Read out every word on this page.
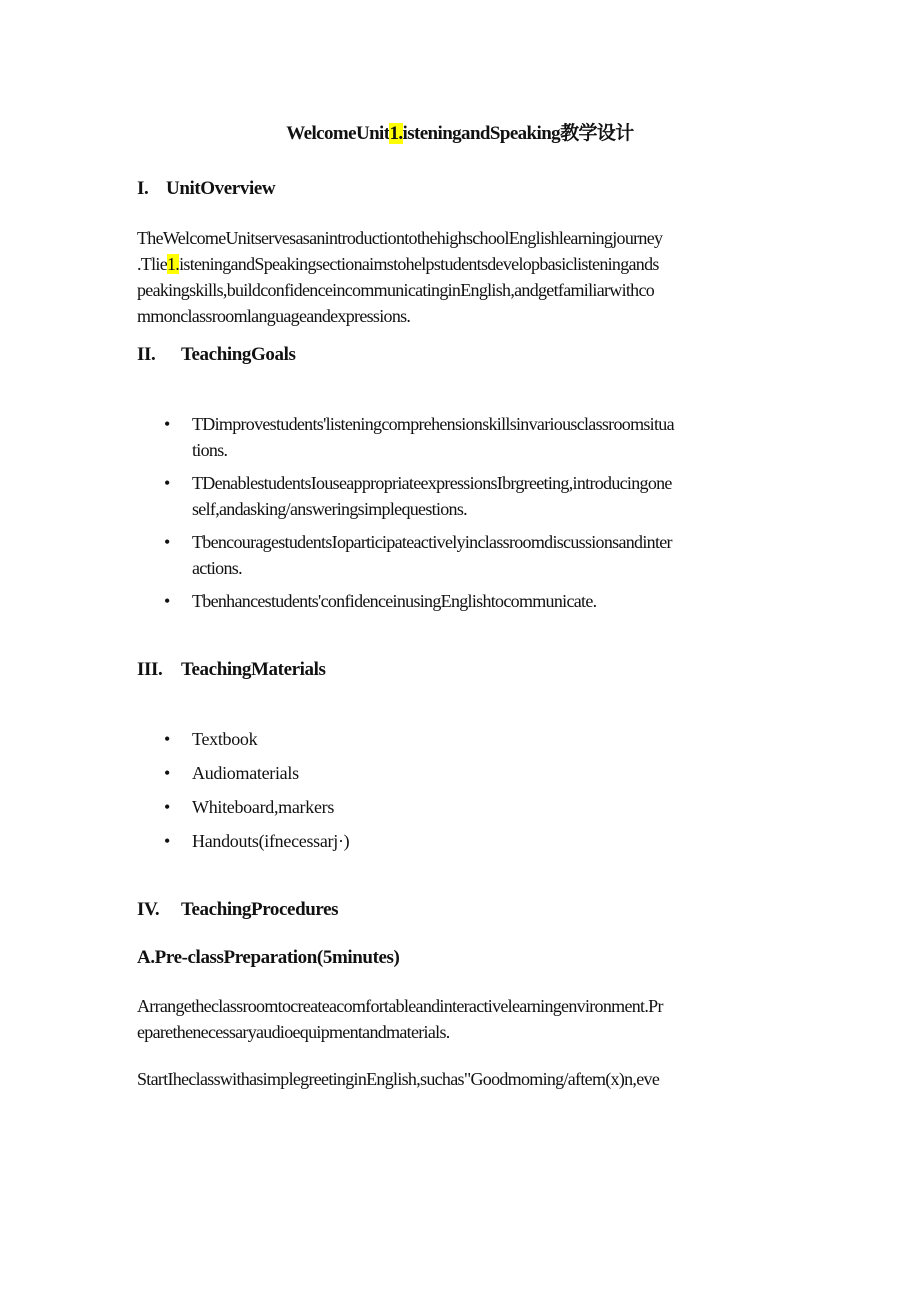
WelcomeUnit1.isteningandSpeaking教学设计
I. UnitOverview
TheWelcomeUnitservesasanintroductiontothehighschoolEnglishlearningjourney
.Tlie1.isteningandSpeakingsectionaimstohelpstudentsdevelopbasiclisteningands
peakingskills,buildconfidenceincommunicatinginEnglish,andgetfamiliarwithco
mmonclassroomlanguageandexpressions.
II. TeachingGoals
• TDimprovestudents'listeningcomprehensionskillsinvariousclassroomsitua
tions.
• TDenablestudentsIouseappropriateexpressionsIbrgreeting,introducingone
self,andasking/answeringsimplequestions.
• TbencouragestudentsIoparticipateactivelyinclassroomdiscussionsandinter
actions.
• Tbenhancestudents'confidenceinusingEnglishtocommunicate.
III. TeachingMaterials
• Textbook
• Audiomaterials
• Whiteboard,markers
• Handouts(ifnecessarj·)
IV. TeachingProcedures
A.Pre-classPreparation(5minutes)
Arrangetheclassroomtocreateacomfortableandinteractivelearningenvironment.Pr
eparethenecessaryaudioequipmentandmaterials.
StartIheclasswithasimplegreetinginEnglish,suchas"Goodmoming/aftem(x)n,eve
